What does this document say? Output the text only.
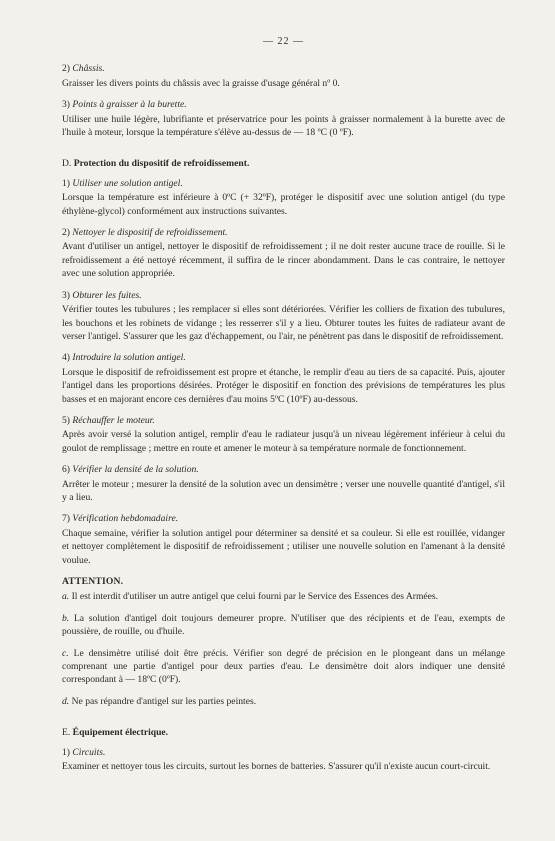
— 22 —
2) Châssis.
Graisser les divers points du châssis avec la graisse d'usage général nº 0.
3) Points à graisser à la burette.
Utiliser une huile légère, lubrifiante et préservatrice pour les points à graisser normalement à la burette avec de l'huile à moteur, lorsque la température s'élève au-dessus de — 18 ºC (0 ºF).
D. Protection du dispositif de refroidissement.
1) Utiliser une solution antigel.
Lorsque la température est inférieure à 0ºC (+ 32ºF), protéger le dispositif avec une solution antigel (du type éthylène-glycol) conformément aux instructions suivantes.
2) Nettoyer le dispositif de refroidissement.
Avant d'utiliser un antigel, nettoyer le dispositif de refroidissement ; il ne doit rester aucune trace de rouille. Si le refroidissement a été nettoyé récemment, il suffira de le rincer abondamment. Dans le cas contraire, le nettoyer avec une solution appropriée.
3) Obturer les fuites.
Vérifier toutes les tubulures ; les remplacer si elles sont détériorées. Vérifier les colliers de fixation des tubulures, les bouchons et les robinets de vidange ; les resserrer s'il y a lieu. Obturer toutes les fuites de radiateur avant de verser l'antigel. S'assurer que les gaz d'échappement, ou l'air, ne pénètrent pas dans le dispositif de refroidissement.
4) Introduire la solution antigel.
Lorsque le dispositif de refroidissement est propre et étanche, le remplir d'eau au tiers de sa capacité. Puis, ajouter l'antigel dans les proportions désirées. Protéger le dispositif en fonction des prévisions de températures les plus basses et en majorant encore ces dernières d'au moins 5ºC (10ºF) au-dessous.
5) Réchauffer le moteur.
Après avoir versé la solution antigel, remplir d'eau le radiateur jusqu'à un niveau légèrement inférieur à celui du goulot de remplissage ; mettre en route et amener le moteur à sa température normale de fonctionnement.
6) Vérifier la densité de la solution.
Arrêter le moteur ; mesurer la densité de la solution avec un densimètre ; verser une nouvelle quantité d'antigel, s'il y a lieu.
7) Vérification hebdomadaire.
Chaque semaine, vérifier la solution antigel pour déterminer sa densité et sa couleur. Si elle est rouillée, vidanger et nettoyer complètement le dispositif de refroidissement ; utiliser une nouvelle solution en l'amenant à la densité voulue.
ATTENTION.
a. Il est interdit d'utiliser un autre antigel que celui fourni par le Service des Essences des Armées.
b. La solution d'antigel doit toujours demeurer propre. N'utiliser que des récipients et de l'eau, exempts de poussière, de rouille, ou d'huile.
c. Le densimètre utilisé doit être précis. Vérifier son degré de précision en le plongeant dans un mélange comprenant une partie d'antigel pour deux parties d'eau. Le densimètre doit alors indiquer une densité correspondant à — 18ºC (0ºF).
d. Ne pas répandre d'antigel sur les parties peintes.
E. Équipement électrique.
1) Circuits.
Examiner et nettoyer tous les circuits, surtout les bornes de batteries. S'assurer qu'il n'existe aucun court-circuit.
